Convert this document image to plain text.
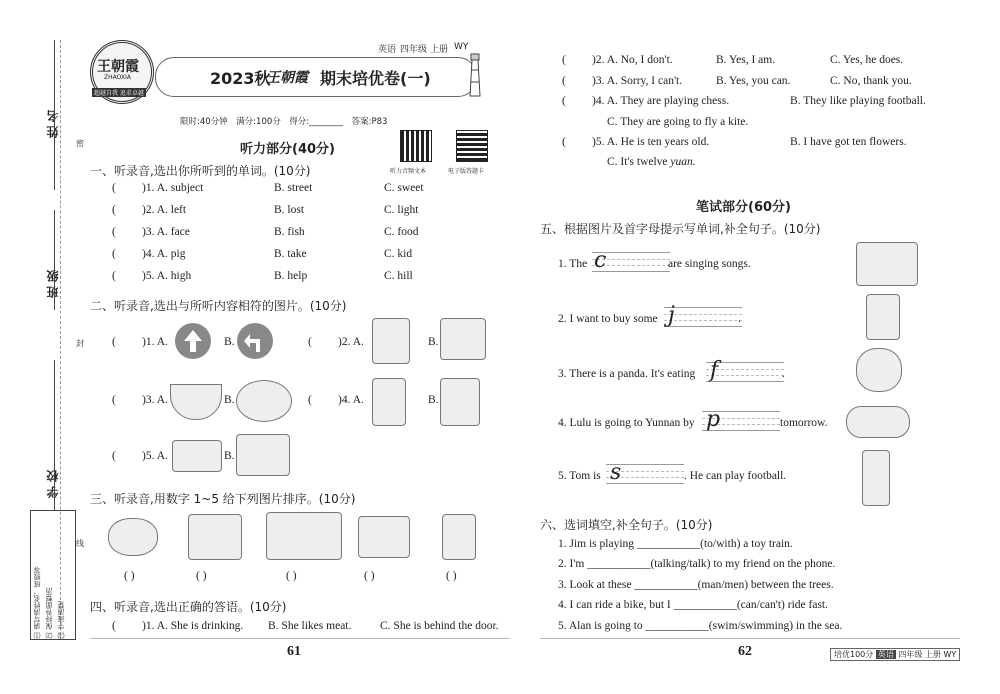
姓 名
班 级
学 校
密
封
线
⑴ 请写清姓名、班级等
⑵ 保持卷面整洁
⑶ 字迹清楚
王朝霞
ZHAOXIA
超越自我 追求卓越
英语 四年级 上册 WY
2023秋
王朝霞 期末培优卷(一)
限时:40分钟　满分:100分　得分:________　答案:P83
听力音频文本	电子版答题卡
听力部分(40分)
一、听录音,选出你所听到的单词。(10分)
( )1. A. subject	B. street	C. sweet
( )2. A. left	B. lost	C. light
( )3. A. face	B. fish	C. food
( )4. A. pig	B. take	C. kid
( )5. A. high	B. help	C. hill
二、听录音,选出与所听内容相符的图片。(10分)
( )1. A.	B.	( )2. A.	B.
( )3. A.	B.	( )4. A.	B.
( )5. A.	B.
三、听录音,用数字 1~5 给下列图片排序。(10分)
( )	( )	( )	( )	( )
四、听录音,选出正确的答语。(10分)
( )1. A. She is drinking. B. She likes meat. C. She is behind the door.
61
( )2. A. No, I don't.	B. Yes, I am.	C. Yes, he does.
( )3. A. Sorry, I can't.	B. Yes, you can.	C. No, thank you.
( )4. A. They are playing chess.	B. They like playing football.
C. They are going to fly a kite.
( )5. A. He is ten years old.	B. I have got ten flowers.
C. It's twelve yuan.
笔试部分(60分)
五、根据图片及首字母提示写单词,补全句子。(10分)
1. The c	are singing songs.
2. I want to buy some j	.
3. There is a panda. It's eating f	.
4. Lulu is going to Yunnan by p	tomorrow.
5. Tom is s	. He can play football.
六、选词填空,补全句子。(10分)
1. Jim is playing ___________(to/with) a toy train.
2. I'm ___________(talking/talk) to my friend on the phone.
3. Look at these ___________(man/men) between the trees.
4. I can ride a bike, but I ___________(can/can't) ride fast.
5. Alan is going to ___________(swim/swimming) in the sea.
62	培优100分 英语 四年级 上册 WY
